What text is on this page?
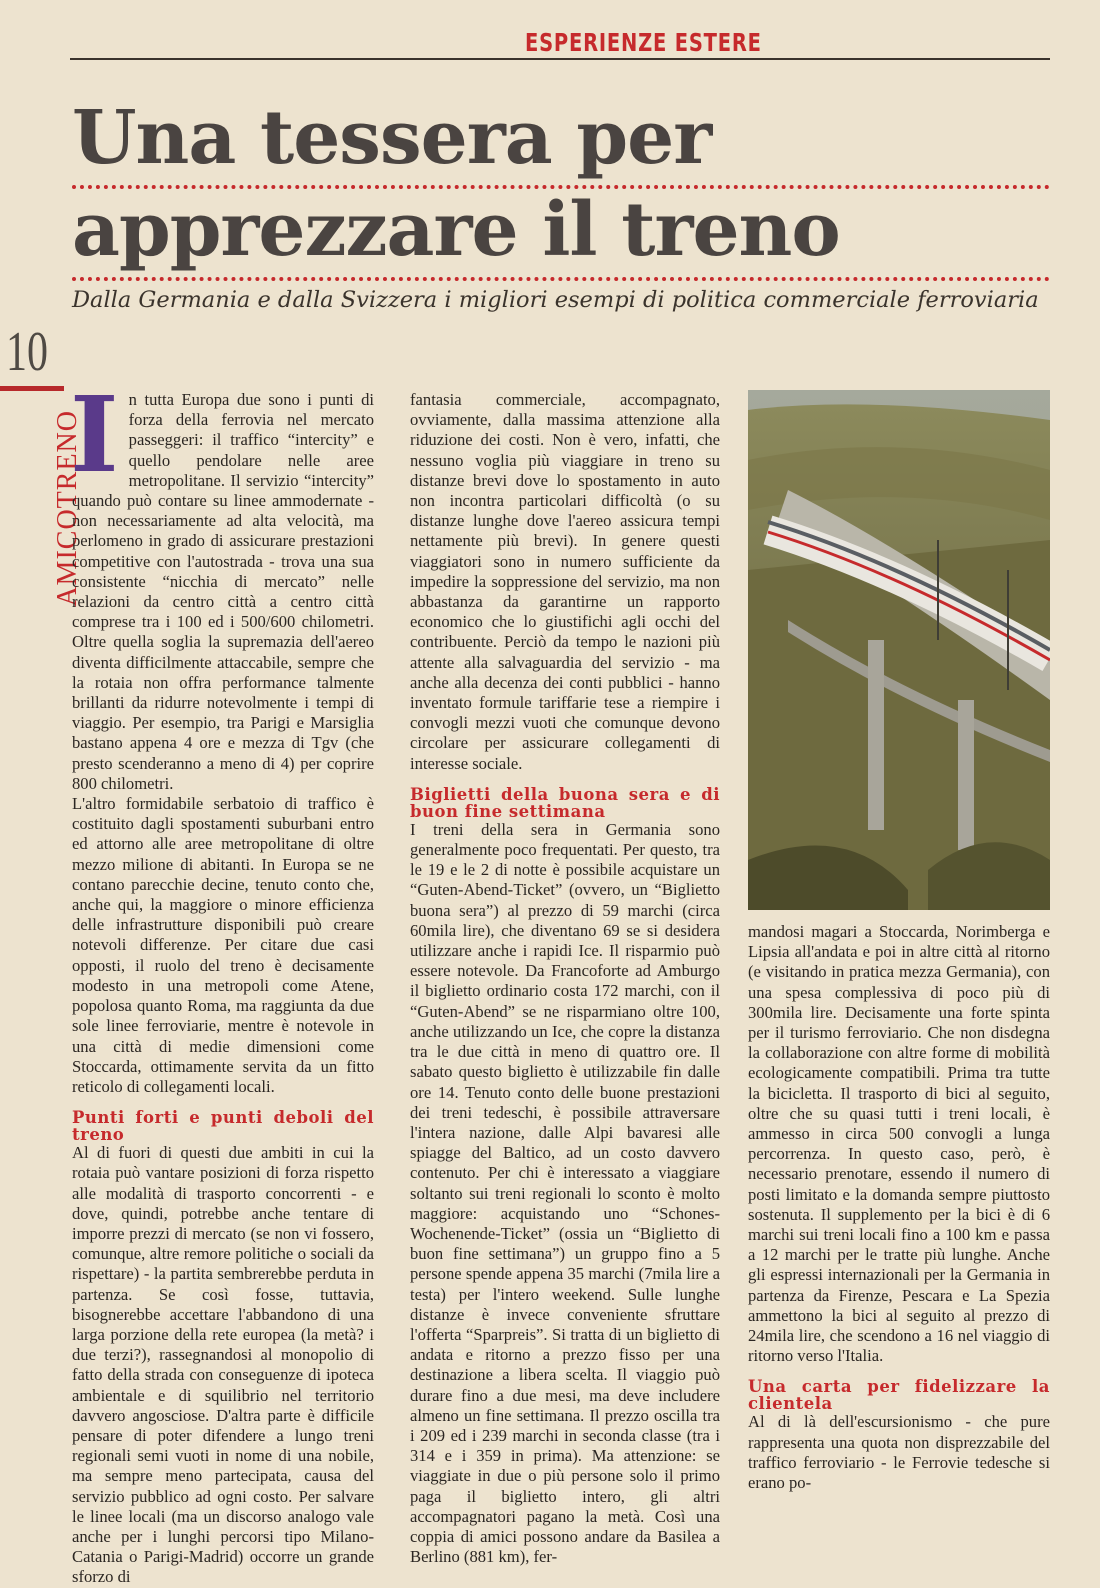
ESPERIENZE ESTERE
Una tessera per
apprezzare il treno

Dalla Germania e dalla Svizzera i migliori esempi di politica commerciale ferroviaria

10
AMICOTRENO

In tutta Europa due sono i punti di forza della ferrovia nel mercato passeggeri: il traffico “intercity” e quello pendolare nelle aree metropolitane. Il servizio “intercity” quando può contare su linee ammodernate - non necessariamente ad alta velocità, ma perlomeno in grado di assicurare prestazioni competitive con l'autostrada - trova una sua consistente “nicchia di mercato” nelle relazioni da centro città a centro città comprese tra i 100 ed i 500/600 chilometri. Oltre quella soglia la supremazia dell'aereo diventa difficilmente attaccabile, sempre che la rotaia non offra performance talmente brillanti da ridurre notevolmente i tempi di viaggio. Per esempio, tra Parigi e Marsiglia bastano appena 4 ore e mezza di Tgv (che presto scenderanno a meno di 4) per coprire 800 chilometri.

L'altro formidabile serbatoio di traffico è costituito dagli spostamenti suburbani entro ed attorno alle aree metropolitane di oltre mezzo milione di abitanti. In Europa se ne contano parecchie decine, tenuto conto che, anche qui, la maggiore o minore efficienza delle infrastrutture disponibili può creare notevoli differenze. Per citare due casi opposti, il ruolo del treno è decisamente modesto in una metropoli come Atene, popolosa quanto Roma, ma raggiunta da due sole linee ferroviarie, mentre è notevole in una città di medie dimensioni come Stoccarda, ottimamente servita da un fitto reticolo di collegamenti locali.

Punti forti e punti deboli del treno

Al di fuori di questi due ambiti in cui la rotaia può vantare posizioni di forza rispetto alle modalità di trasporto concorrenti - e dove, quindi, potrebbe anche tentare di imporre prezzi di mercato (se non vi fossero, comunque, altre remore politiche o sociali da rispettare) - la partita sembrerebbe perduta in partenza. Se così fosse, tuttavia, bisognerebbe accettare l'abbandono di una larga porzione della rete europea (la metà? i due terzi?), rassegnandosi al monopolio di fatto della strada con conseguenze di ipoteca ambientale e di squilibrio nel territorio davvero angosciose. D'altra parte è difficile pensare di poter difendere a lungo treni regionali semi vuoti in nome di una nobile, ma sempre meno partecipata, causa del servizio pubblico ad ogni costo. Per salvare le linee locali (ma un discorso analogo vale anche per i lunghi percorsi tipo Milano-Catania o Parigi-Madrid) occorre un grande sforzo di

fantasia commerciale, accompagnato, ovviamente, dalla massima attenzione alla riduzione dei costi. Non è vero, infatti, che nessuno voglia più viaggiare in treno su distanze brevi dove lo spostamento in auto non incontra particolari difficoltà (o su distanze lunghe dove l'aereo assicura tempi nettamente più brevi). In genere questi viaggiatori sono in numero sufficiente da impedire la soppressione del servizio, ma non abbastanza da garantirne un rapporto economico che lo giustifichi agli occhi del contribuente. Perciò da tempo le nazioni più attente alla salvaguardia del servizio - ma anche alla decenza dei conti pubblici - hanno inventato formule tariffarie tese a riempire i convogli mezzi vuoti che comunque devono circolare per assicurare collegamenti di interesse sociale.

Biglietti della buona sera e di buon fine settimana

I treni della sera in Germania sono generalmente poco frequentati. Per questo, tra le 19 e le 2 di notte è possibile acquistare un “Guten-Abend-Ticket” (ovvero, un “Biglietto buona sera”) al prezzo di 59 marchi (circa 60mila lire), che diventano 69 se si desidera utilizzare anche i rapidi Ice. Il risparmio può essere notevole. Da Francoforte ad Amburgo il biglietto ordinario costa 172 marchi, con il “Guten-Abend” se ne risparmiano oltre 100, anche utilizzando un Ice, che copre la distanza tra le due città in meno di quattro ore. Il sabato questo biglietto è utilizzabile fin dalle ore 14. Tenuto conto delle buone prestazioni dei treni tedeschi, è possibile attraversare l'intera nazione, dalle Alpi bavaresi alle spiagge del Baltico, ad un costo davvero contenuto. Per chi è interessato a viaggiare soltanto sui treni regionali lo sconto è molto maggiore: acquistando uno “Schones-Wochenende-Ticket” (ossia un “Biglietto di buon fine settimana”) un gruppo fino a 5 persone spende appena 35 marchi (7mila lire a testa) per l'intero weekend. Sulle lunghe distanze è invece conveniente sfruttare l'offerta “Sparpreis”. Si tratta di un biglietto di andata e ritorno a prezzo fisso per una destinazione a libera scelta. Il viaggio può durare fino a due mesi, ma deve includere almeno un fine settimana. Il prezzo oscilla tra i 209 ed i 239 marchi in seconda classe (tra i 314 e i 359 in prima). Ma attenzione: se viaggiate in due o più persone solo il primo paga il biglietto intero, gli altri accompagnatori pagano la metà. Così una coppia di amici possono andare da Basilea a Berlino (881 km), fer-

mandosi magari a Stoccarda, Norimberga e Lipsia all'andata e poi in altre città al ritorno (e visitando in pratica mezza Germania), con una spesa complessiva di poco più di 300mila lire. Decisamente una forte spinta per il turismo ferroviario. Che non disdegna la collaborazione con altre forme di mobilità ecologicamente compatibili. Prima tra tutte la bicicletta. Il trasporto di bici al seguito, oltre che su quasi tutti i treni locali, è ammesso in circa 500 convogli a lunga percorrenza. In questo caso, però, è necessario prenotare, essendo il numero di posti limitato e la domanda sempre piuttosto sostenuta. Il supplemento per la bici è di 6 marchi sui treni locali fino a 100 km e passa a 12 marchi per le tratte più lunghe. Anche gli espressi internazionali per la Germania in partenza da Firenze, Pescara e La Spezia ammettono la bici al seguito al prezzo di 24mila lire, che scendono a 16 nel viaggio di ritorno verso l'Italia.

Una carta per fidelizzare la clientela

Al di là dell'escursionismo - che pure rappresenta una quota non disprezzabile del traffico ferroviario - le Ferrovie tedesche si erano po-
